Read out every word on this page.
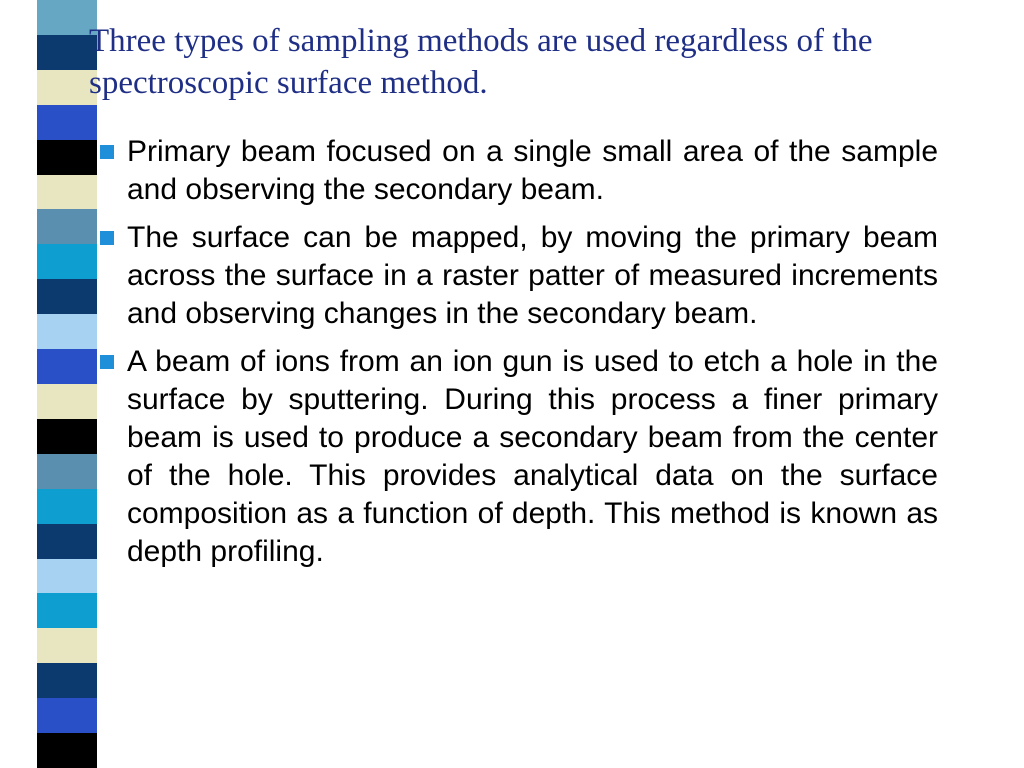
Three types of sampling methods are used regardless of the spectroscopic surface method.
Primary beam focused on a single small area of the sample and observing the secondary beam.
The surface can be mapped, by moving the primary beam across the surface in a raster patter of measured increments and observing changes in the secondary beam.
A beam of ions from an ion gun is used to etch a hole in the surface by sputtering. During this process a finer primary beam is used to produce a secondary beam from the center of the hole. This provides analytical data on the surface composition as a function of depth. This method is known as depth profiling.
